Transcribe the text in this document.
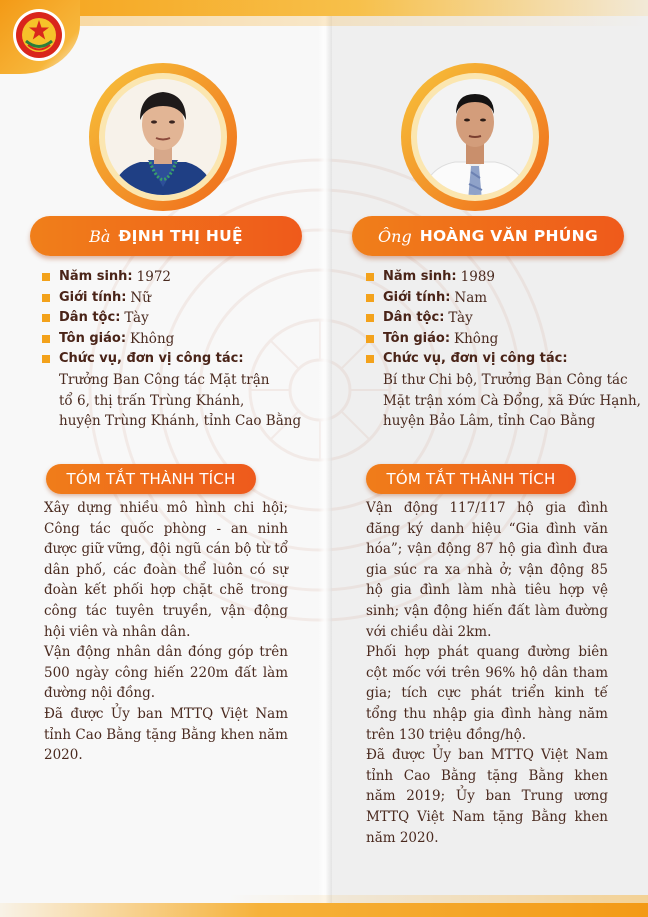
Bà ĐỊNH THỊ HUỆ	Ông HOÀNG VĂN PHÚNG
Năm sinh: 1972
Giới tính: Nữ
Dân tộc: Tày
Tôn giáo: Không
Chức vụ, đơn vị công tác:
Trưởng Ban Công tác Mặt trận
tổ 6, thị trấn Trùng Khánh,
huyện Trùng Khánh, tỉnh Cao Bằng
Năm sinh: 1989
Giới tính: Nam
Dân tộc: Tày
Tôn giáo: Không
Chức vụ, đơn vị công tác:
Bí thư Chi bộ, Trưởng Ban Công tác
Mặt trận xóm Cà Đổng, xã Đức Hạnh,
huyện Bảo Lâm, tỉnh Cao Bằng
TÓM TẮT THÀNH TÍCH	TÓM TẮT THÀNH TÍCH

Xây dựng nhiều mô hình chi hội; Công tác quốc phòng - an ninh được giữ vững, đội ngũ cán bộ từ tổ dân phố, các đoàn thể luôn có sự đoàn kết phối hợp chặt chẽ trong công tác tuyên truyền, vận động hội viên và nhân dân.

Vận động nhân dân đóng góp trên 500 ngày công hiến 220m đất làm đường nội đồng.

Đã được Ủy ban MTTQ Việt Nam tỉnh Cao Bằng tặng Bằng khen năm 2020.

Vận động 117/117 hộ gia đình đăng ký danh hiệu “Gia đình văn hóa”; vận động 87 hộ gia đình đưa gia súc ra xa nhà ở; vận động 85 hộ gia đình làm nhà tiêu hợp vệ sinh; vận động hiến đất làm đường với chiều dài 2km.

Phối hợp phát quang đường biên cột mốc với trên 96% hộ dân tham gia; tích cực phát triển kinh tế tổng thu nhập gia đình hàng năm trên 130 triệu đồng/hộ.

Đã được Ủy ban MTTQ Việt Nam tỉnh Cao Bằng tặng Bằng khen năm 2019; Ủy ban Trung ương MTTQ Việt Nam tặng Bằng khen năm 2020.
